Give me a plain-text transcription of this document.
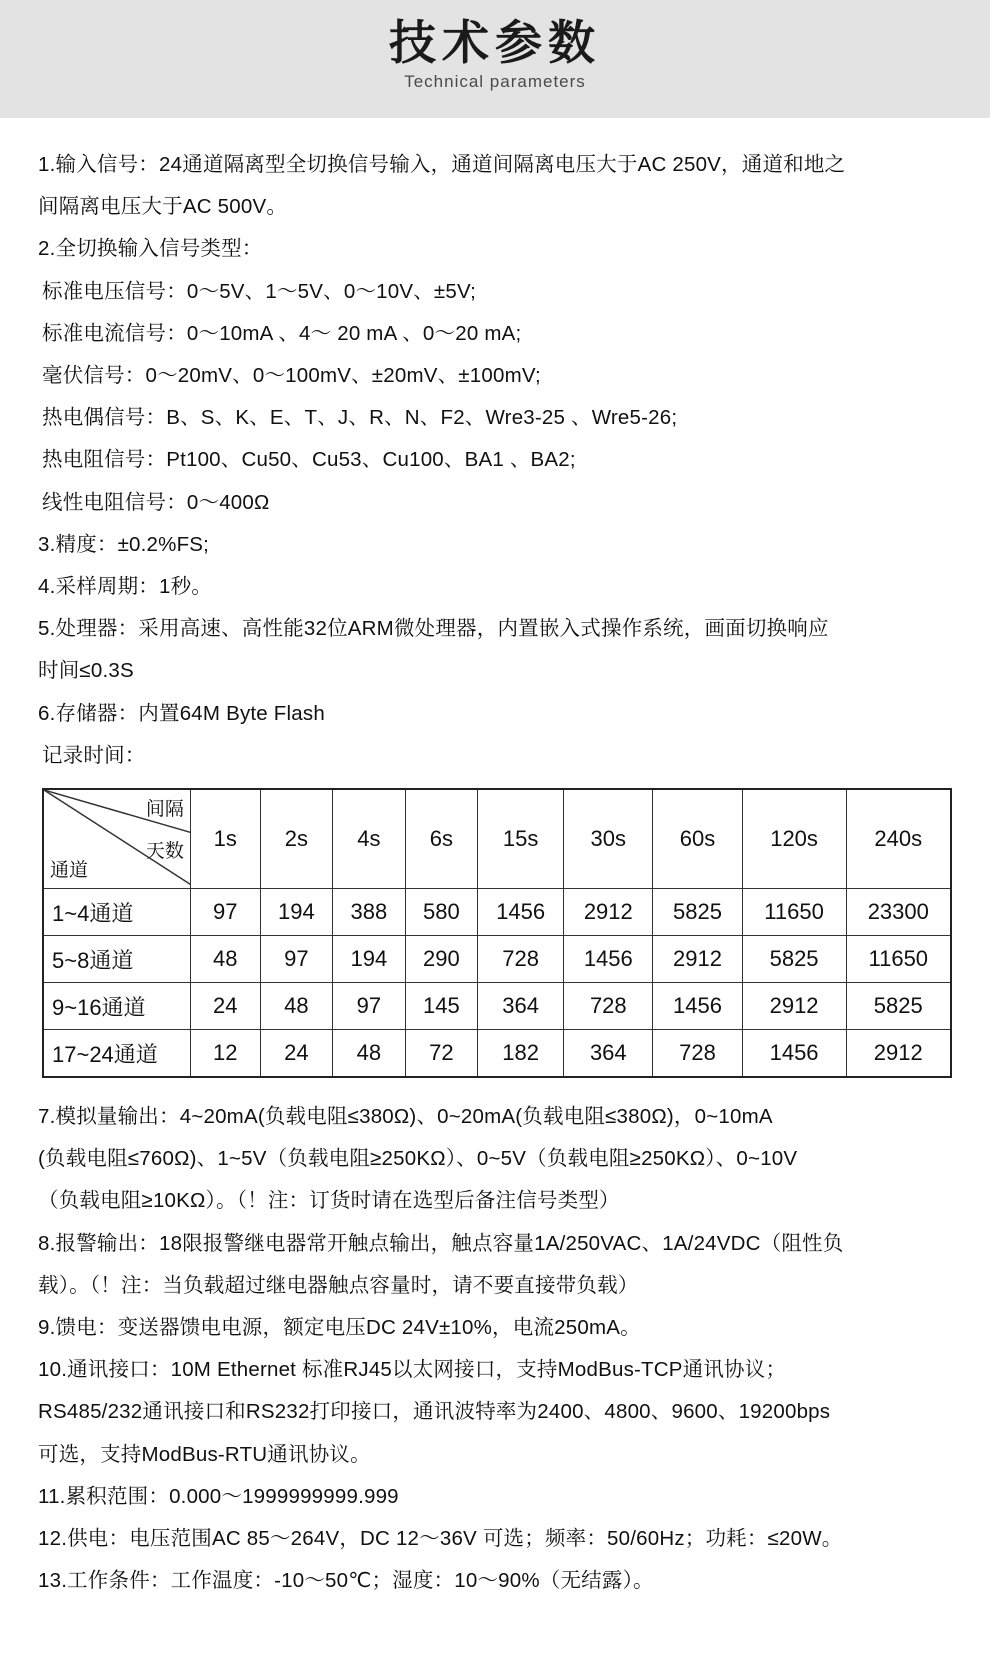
技术参数
Technical parameters

1.输入信号：24通道隔离型全切换信号输入，通道间隔离电压大于AC 250V，通道和地之

间隔离电压大于AC 500V。

2.全切换输入信号类型：

标准电压信号：0～5V、1～5V、0～10V、±5V;

标准电流信号：0～10mA 、4～ 20 mA 、0～20 mA;

毫伏信号：0～20mV、0～100mV、±20mV、±100mV;

热电偶信号：B、S、K、E、T、J、R、N、F2、Wre3-25 、Wre5-26;

热电阻信号：Pt100、Cu50、Cu53、Cu100、BA1 、BA2;

线性电阻信号：0～400Ω

3.精度：±0.2%FS;

4.采样周期：1秒。

5.处理器：采用高速、高性能32位ARM微处理器，内置嵌入式操作系统，画面切换响应

时间≤0.3S

6.存储器：内置64M Byte Flash

记录时间：

间隔
天数
通道	1s	2s	4s	6s	15s	30s	60s	120s	240s
1~4通道	97	194	388	580	1456	2912	5825	11650	23300
5~8通道	48	97	194	290	728	1456	2912	5825	11650
9~16通道	24	48	97	145	364	728	1456	2912	5825
17~24通道	12	24	48	72	182	364	728	1456	2912

7.模拟量输出：4~20mA(负载电阻≤380Ω)、0~20mA(负载电阻≤380Ω)，0~10mA

(负载电阻≤760Ω)、1~5V（负载电阻≥250KΩ）、0~5V（负载电阻≥250KΩ）、0~10V

（负载电阻≥10KΩ）。（！注：订货时请在选型后备注信号类型）

8.报警输出：18限报警继电器常开触点输出，触点容量1A/250VAC、1A/24VDC（阻性负

载）。（！注：当负载超过继电器触点容量时，请不要直接带负载）

9.馈电：变送器馈电电源，额定电压DC 24V±10%，电流250mA。

10.通讯接口：10M Ethernet 标准RJ45以太网接口，支持ModBus-TCP通讯协议；

RS485/232通讯接口和RS232打印接口，通讯波特率为2400、4800、9600、19200bps

可选，支持ModBus-RTU通讯协议。

11.累积范围：0.000～1999999999.999

12.供电：电压范围AC 85～264V，DC 12～36V 可选；频率：50/60Hz；功耗：≤20W。

13.工作条件：工作温度：-10～50℃；湿度：10～90%（无结露）。
